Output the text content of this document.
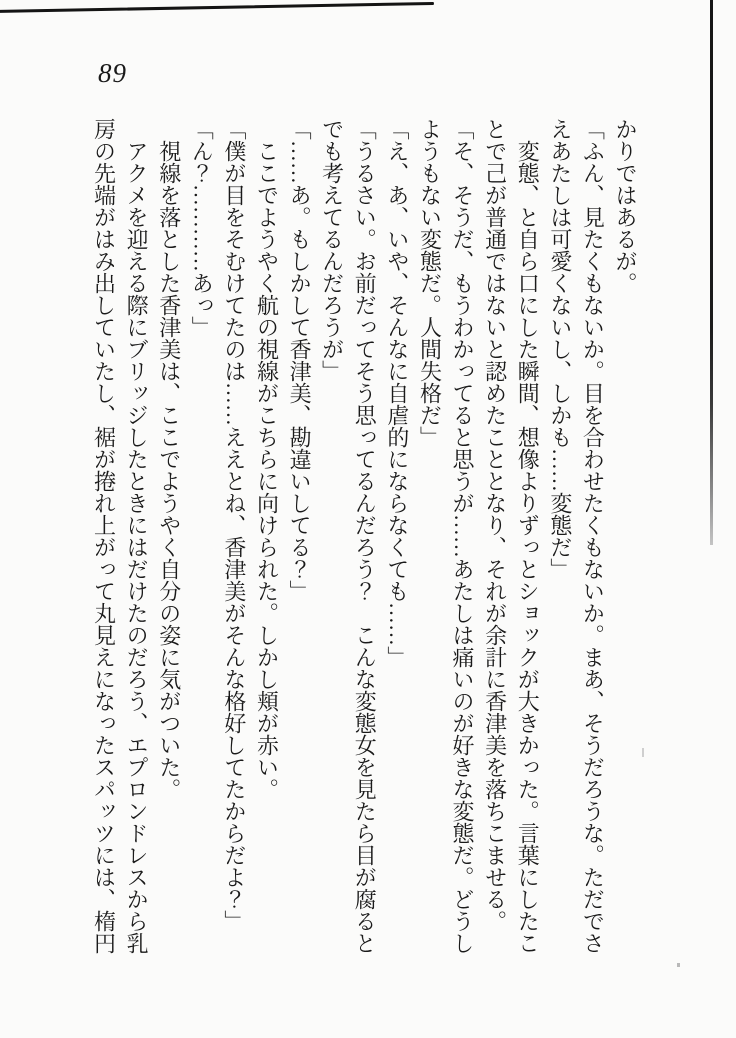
89

かりではあるが。

「ふん、見たくもないか。目を合わせたくもないか。まあ、そうだろうな。ただでさえあたしは可愛くないし、しかも……変態だ」

変態、と自ら口にした瞬間、想像よりずっとショックが大きかった。言葉にしたことで己が普通ではないと認めたこととなり、それが余計に香津美を落ちこませる。

「そ、そうだ、もうわかってると思うが……あたしは痛いのが好きな変態だ。どうしようもない変態だ。人間失格だ」

「え、あ、いや、そんなに自虐的にならなくても……」

「うるさい。お前だってそう思ってるんだろう？　こんな変態女を見たら目が腐るとでも考えてるんだろうが」

「……あ。もしかして香津美、勘違いしてる？」

ここでようやく航の視線がこちらに向けられた。しかし頬が赤い。

「僕が目をそむけてたのは……ええとね、香津美がそんな格好してたからだよ？」

「ん？…………あっ」

視線を落とした香津美は、ここでようやく自分の姿に気がついた。

アクメを迎える際にブリッジしたときにはだけたのだろう、エプロンドレスから乳房の先端がはみ出していたし、裾が捲れ上がって丸見えになったスパッツには、楕円
